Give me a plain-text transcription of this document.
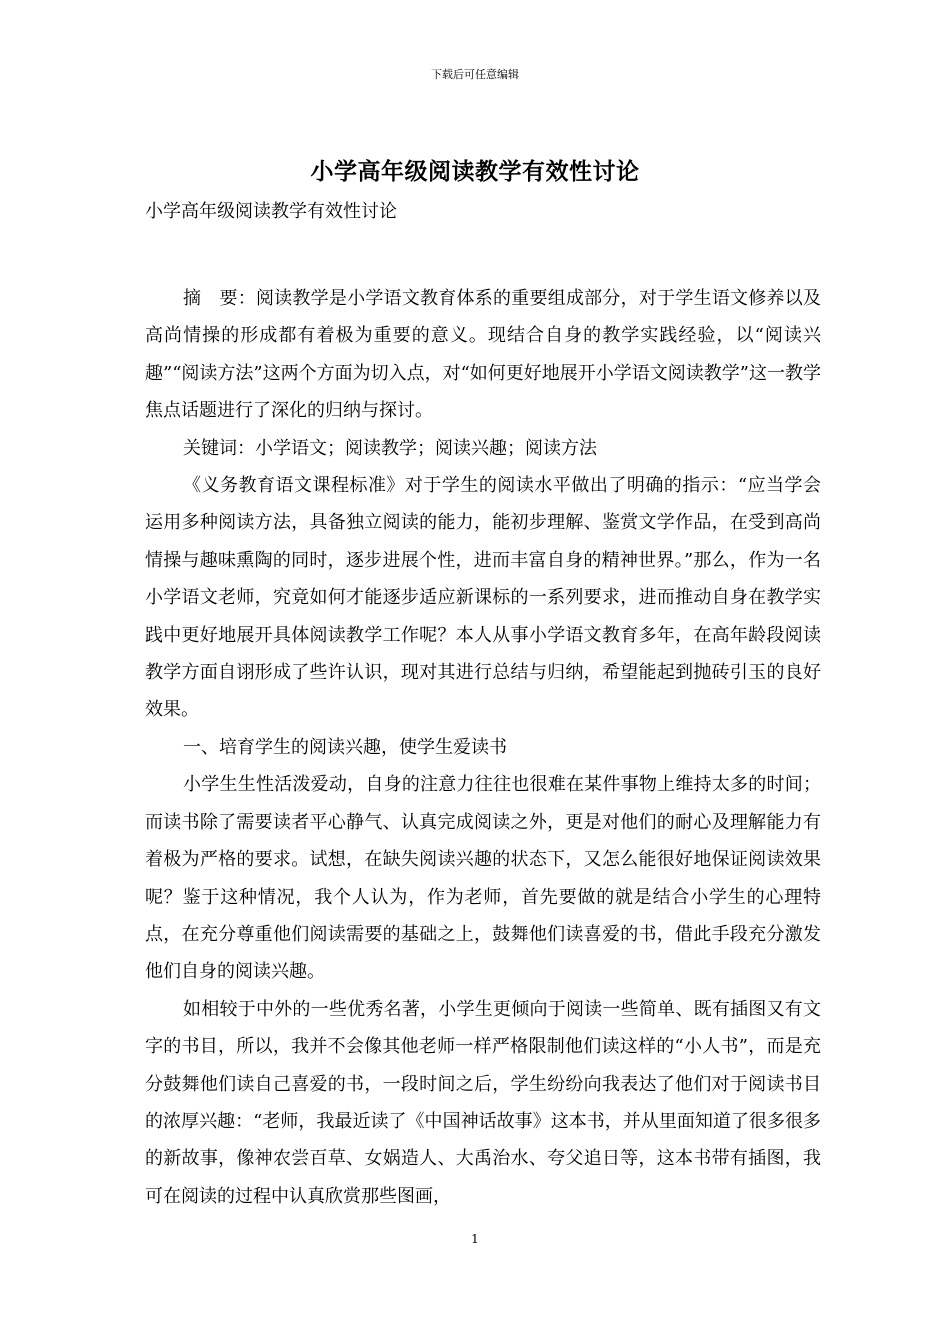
下载后可任意编辑
小学高年级阅读教学有效性讨论

小学高年级阅读教学有效性讨论

摘　要：阅读教学是小学语文教育体系的重要组成部分，对于学生语文修养以及高尚情操的形成都有着极为重要的意义。现结合自身的教学实践经验，以“阅读兴趣”“阅读方法”这两个方面为切入点，对“如何更好地展开小学语文阅读教学”这一教学焦点话题进行了深化的归纳与探讨。

关键词：小学语文；阅读教学；阅读兴趣；阅读方法

《义务教育语文课程标准》对于学生的阅读水平做出了明确的指示：“应当学会运用多种阅读方法，具备独立阅读的能力，能初步理解、鉴赏文学作品，在受到高尚情操与趣味熏陶的同时，逐步进展个性，进而丰富自身的精神世界。”那么，作为一名小学语文老师，究竟如何才能逐步适应新课标的一系列要求，进而推动自身在教学实践中更好地展开具体阅读教学工作呢？本人从事小学语文教育多年，在高年龄段阅读教学方面自诩形成了些许认识，现对其进行总结与归纳，希望能起到抛砖引玉的良好效果。

一、培育学生的阅读兴趣，使学生爱读书

小学生生性活泼爱动，自身的注意力往往也很难在某件事物上维持太多的时间；而读书除了需要读者平心静气、认真完成阅读之外，更是对他们的耐心及理解能力有着极为严格的要求。试想，在缺失阅读兴趣的状态下，又怎么能很好地保证阅读效果呢？鉴于这种情况，我个人认为，作为老师，首先要做的就是结合小学生的心理特点，在充分尊重他们阅读需要的基础之上，鼓舞他们读喜爱的书，借此手段充分激发他们自身的阅读兴趣。

如相较于中外的一些优秀名著，小学生更倾向于阅读一些简单、既有插图又有文字的书目，所以，我并不会像其他老师一样严格限制他们读这样的“小人书”，而是充分鼓舞他们读自己喜爱的书，一段时间之后，学生纷纷向我表达了他们对于阅读书目的浓厚兴趣：“老师，我最近读了《中国神话故事》这本书，并从里面知道了很多很多的新故事，像神农尝百草、女娲造人、大禹治水、夸父追日等，这本书带有插图，我可在阅读的过程中认真欣赏那些图画，

1
